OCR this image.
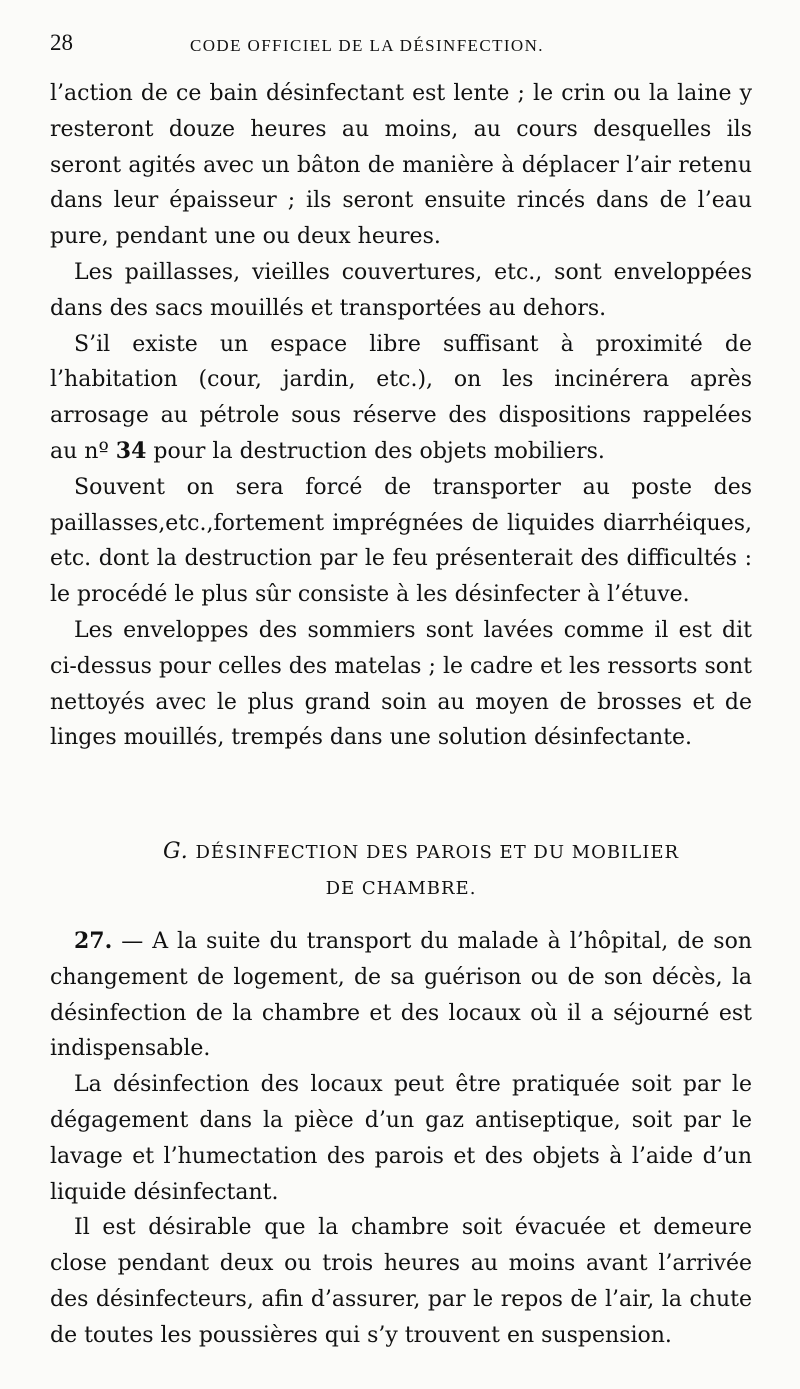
28	CODE OFFICIEL DE LA DÉSINFECTION.

l’action de ce bain désinfectant est lente ; le crin ou la laine y resteront douze heures au moins, au cours desquelles ils seront agités avec un bâton de manière à déplacer l’air retenu dans leur épaisseur ; ils seront ensuite rincés dans de l’eau pure, pendant une ou deux heures.

Les paillasses, vieilles couvertures, etc., sont enveloppées dans des sacs mouillés et transportées au dehors.

S’il existe un espace libre suffisant à proximité de l’habitation (cour, jardin, etc.), on les incinérera après arrosage au pétrole sous réserve des dispositions rappelées au nº 34 pour la destruction des objets mobiliers.

Souvent on sera forcé de transporter au poste des paillasses,etc.,fortement imprégnées de liquides diarrhéiques, etc. dont la destruction par le feu présenterait des difficultés : le procédé le plus sûr consiste à les désinfecter à l’étuve.

Les enveloppes des sommiers sont lavées comme il est dit ci-dessus pour celles des matelas ; le cadre et les ressorts sont nettoyés avec le plus grand soin au moyen de brosses et de linges mouillés, trempés dans une solution désinfectante.

G. DÉSINFECTION DES PAROIS ET DU MOBILIER
DE CHAMBRE.

27. — A la suite du transport du malade à l’hôpital, de son changement de logement, de sa guérison ou de son décès, la désinfection de la chambre et des locaux où il a séjourné est indispensable.

La désinfection des locaux peut être pratiquée soit par le dégagement dans la pièce d’un gaz antiseptique, soit par le lavage et l’humectation des parois et des objets à l’aide d’un liquide désinfectant.

Il est désirable que la chambre soit évacuée et demeure close pendant deux ou trois heures au moins avant l’arrivée des désinfecteurs, afin d’assurer, par le repos de l’air, la chute de toutes les poussières qui s’y trouvent en suspension.
